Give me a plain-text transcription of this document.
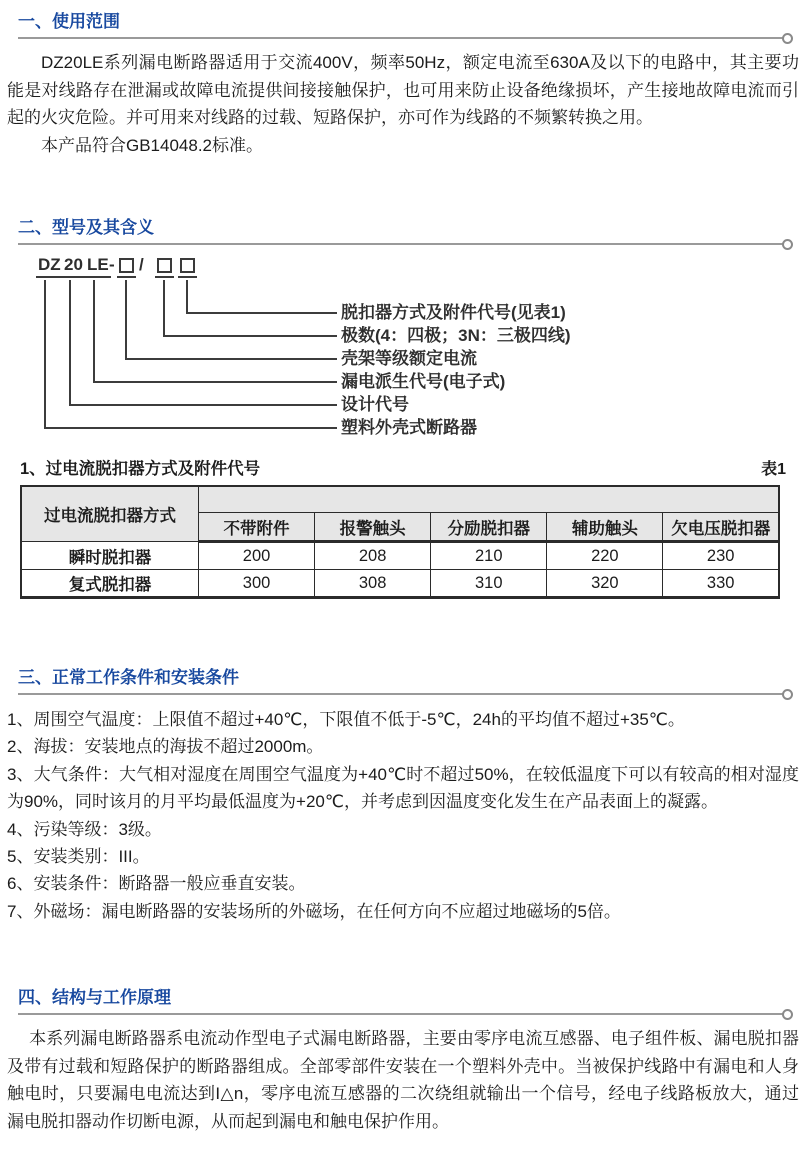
一、使用范围

DZ20LE系列漏电断路器适用于交流400V，频率50Hz，额定电流至630A及以下的电路中，其主要功能是对线路存在泄漏或故障电流提供间接接触保护，也可用来防止设备绝缘损坏，产生接地故障电流而引起的火灾危险。并可用来对线路的过载、短路保护，亦可作为线路的不频繁转换之用。

本产品符合GB14048.2标准。

二、型号及其含义
DZ 20 LE - /
脱扣器方式及附件代号(见表1)
极数(4：四极；3N：三极四线)
壳架等级额定电流
漏电派生代号(电子式)
设计代号
塑料外壳式断路器
1、过电流脱扣器方式及附件代号	表1
过电流脱扣器方式					
	不带附件	报警触头	分励脱扣器	辅助触头	欠电压脱扣器
瞬时脱扣器	200	208	210	220	230
复式脱扣器	300	308	310	320	330
三、正常工作条件和安装条件
1、周围空气温度：上限值不超过+40℃，下限值不低于-5℃，24h的平均值不超过+35℃。
2、海拔：安装地点的海拔不超过2000m。
3、大气条件：大气相对湿度在周围空气温度为+40℃时不超过50%，在较低温度下可以有较高的相对湿度为90%，同时该月的月平均最低温度为+20℃，并考虑到因温度变化发生在产品表面上的凝露。
4、污染等级：3级。
5、安装类别：III。
6、安装条件：断路器一般应垂直安装。
7、外磁场：漏电断路器的安装场所的外磁场，在任何方向不应超过地磁场的5倍。
四、结构与工作原理

本系列漏电断路器系电流动作型电子式漏电断路器，主要由零序电流互感器、电子组件板、漏电脱扣器及带有过载和短路保护的断路器组成。全部零部件安装在一个塑料外壳中。当被保护线路中有漏电和人身触电时，只要漏电电流达到I△n，零序电流互感器的二次绕组就输出一个信号，经电子线路板放大，通过漏电脱扣器动作切断电源，从而起到漏电和触电保护作用。
